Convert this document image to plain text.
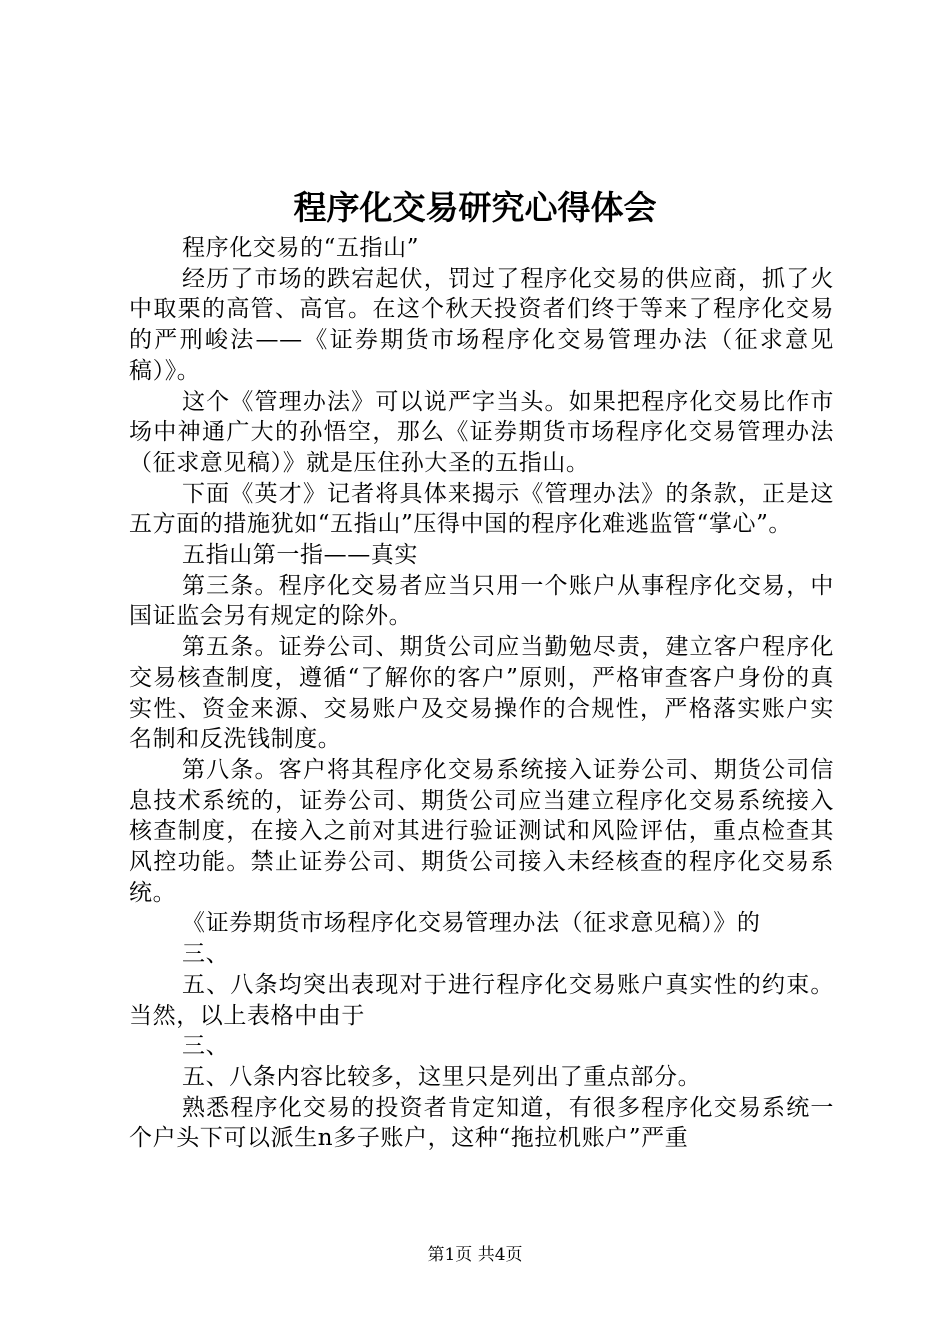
程序化交易研究心得体会

程序化交易的“五指山”

经历了市场的跌宕起伏，罚过了程序化交易的供应商，抓了火中取栗的高管、高官。在这个秋天投资者们终于等来了程序化交易的严刑峻法——《证券期货市场程序化交易管理办法（征求意见稿）》。

这个《管理办法》可以说严字当头。如果把程序化交易比作市场中神通广大的孙悟空，那么《证券期货市场程序化交易管理办法（征求意见稿）》就是压住孙大圣的五指山。

下面《英才》记者将具体来揭示《管理办法》的条款，正是这五方面的措施犹如“五指山”压得中国的程序化难逃监管“掌心”。

五指山第一指——真实

第三条。程序化交易者应当只用一个账户从事程序化交易，中国证监会另有规定的除外。

第五条。证券公司、期货公司应当勤勉尽责，建立客户程序化交易核查制度，遵循“了解你的客户”原则，严格审查客户身份的真实性、资金来源、交易账户及交易操作的合规性，严格落实账户实名制和反洗钱制度。

第八条。客户将其程序化交易系统接入证券公司、期货公司信息技术系统的，证券公司、期货公司应当建立程序化交易系统接入核查制度，在接入之前对其进行验证测试和风险评估，重点检查其风控功能。禁止证券公司、期货公司接入未经核查的程序化交易系统。

《证券期货市场程序化交易管理办法（征求意见稿）》的

三、

五、八条均突出表现对于进行程序化交易账户真实性的约束。当然，以上表格中由于

三、

五、八条内容比较多，这里只是列出了重点部分。

熟悉程序化交易的投资者肯定知道，有很多程序化交易系统一个户头下可以派生n多子账户，这种“拖拉机账户”严重

第1页 共4页
